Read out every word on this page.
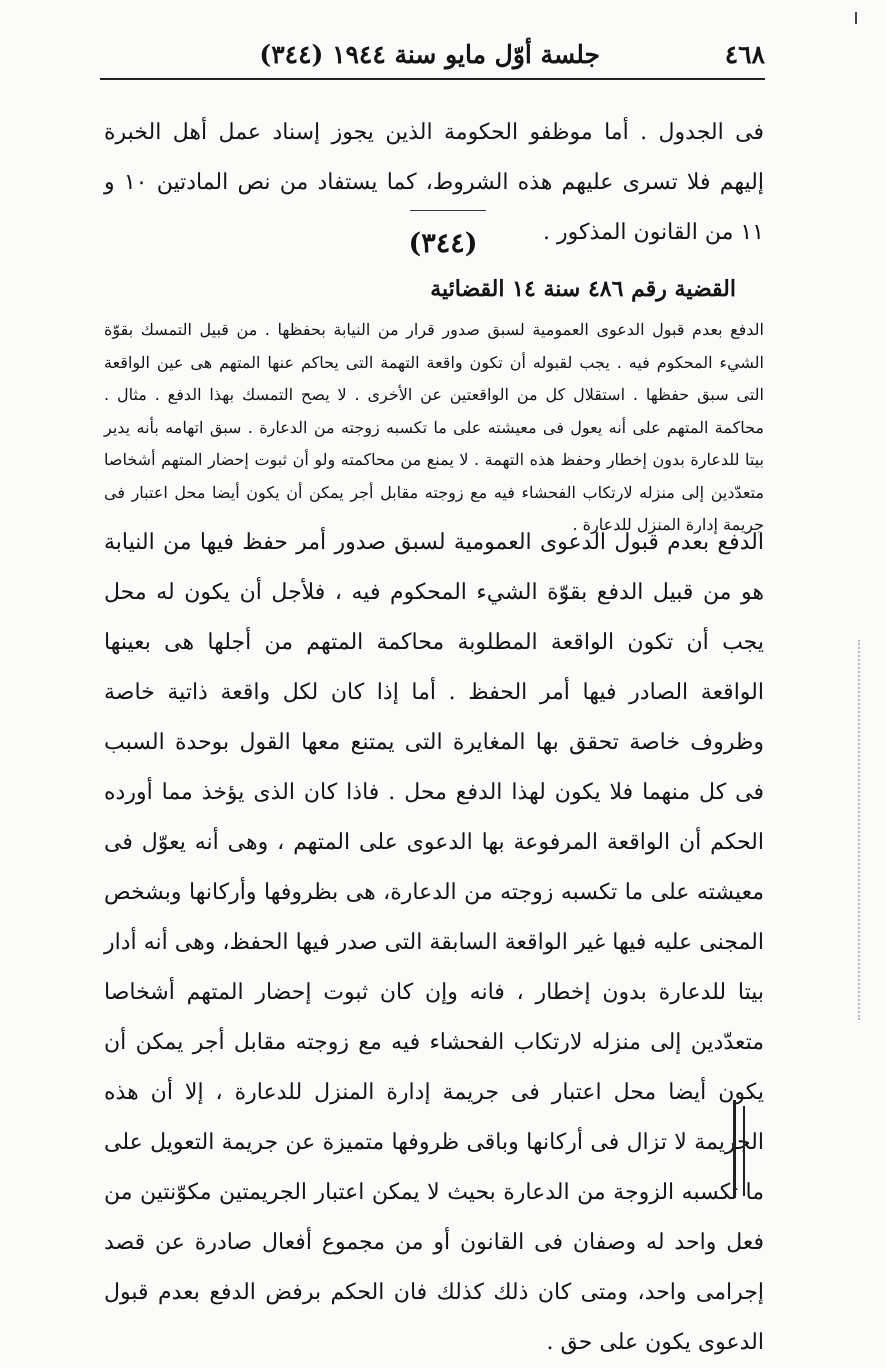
٤٦٨
جلسة أوّل مايو سنة ١٩٤٤ (٣٤٤)

فى الجدول . أما موظفو الحكومة الذين يجوز إسناد عمل أهل الخبرة إليهم فلا تسرى عليهم هذه الشروط، كما يستفاد من نص المادتين ١٠ و ١١ من القانون المذكور .

(٣٤٤)
القضية رقم ٤٨٦ سنة ١٤ القضائية

الدفع بعدم قبول الدعوى العمومية لسبق صدور قرار من النيابة بحفظها . من قبيل التمسك بقوّة الشيء المحكوم فيه . يجب لقبوله أن تكون واقعة التهمة التى يحاكم عنها المتهم هى عين الواقعة التى سبق حفظها . استقلال كل من الواقعتين عن الأخرى . لا يصح التمسك بهذا الدفع . مثال . محاكمة المتهم على أنه يعول فى معيشته على ما تكسبه زوجته من الدعارة . سبق اتهامه بأنه يدير بيتا للدعارة بدون إخطار وحفظ هذه التهمة . لا يمنع من محاكمته ولو أن ثبوت إحضار المتهم أشخاصا متعدّدين إلى منزله لارتكاب الفحشاء فيه مع زوجته مقابل أجر يمكن أن يكون أيضا محل اعتبار فى جريمة إدارة المنزل للدعارة .

الدفع بعدم قبول الدعوى العمومية لسبق صدور أمر حفظ فيها من النيابة هو من قبيل الدفع بقوّة الشيء المحكوم فيه ، فلأجل أن يكون له محل يجب أن تكون الواقعة المطلوبة محاكمة المتهم من أجلها هى بعينها الواقعة الصادر فيها أمر الحفظ . أما إذا كان لكل واقعة ذاتية خاصة وظروف خاصة تحقق بها المغايرة التى يمتنع معها القول بوحدة السبب فى كل منهما فلا يكون لهذا الدفع محل . فاذا كان الذى يؤخذ مما أورده الحكم أن الواقعة المرفوعة بها الدعوى على المتهم ، وهى أنه يعوّل فى معيشته على ما تكسبه زوجته من الدعارة، هى بظروفها وأركانها وبشخص المجنى عليه فيها غير الواقعة السابقة التى صدر فيها الحفظ، وهى أنه أدار بيتا للدعارة بدون إخطار ، فانه وإن كان ثبوت إحضار المتهم أشخاصا متعدّدين إلى منزله لارتكاب الفحشاء فيه مع زوجته مقابل أجر يمكن أن يكون أيضا محل اعتبار فى جريمة إدارة المنزل للدعارة ، إلا أن هذه الجريمة لا تزال فى أركانها وباقى ظروفها متميزة عن جريمة التعويل على ما تكسبه الزوجة من الدعارة بحيث لا يمكن اعتبار الجريمتين مكوّنتين من فعل واحد له وصفان فى القانون أو من مجموع أفعال صادرة عن قصد إجرامى واحد، ومتى كان ذلك كذلك فان الحكم برفض الدفع بعدم قبول الدعوى يكون على حق .
